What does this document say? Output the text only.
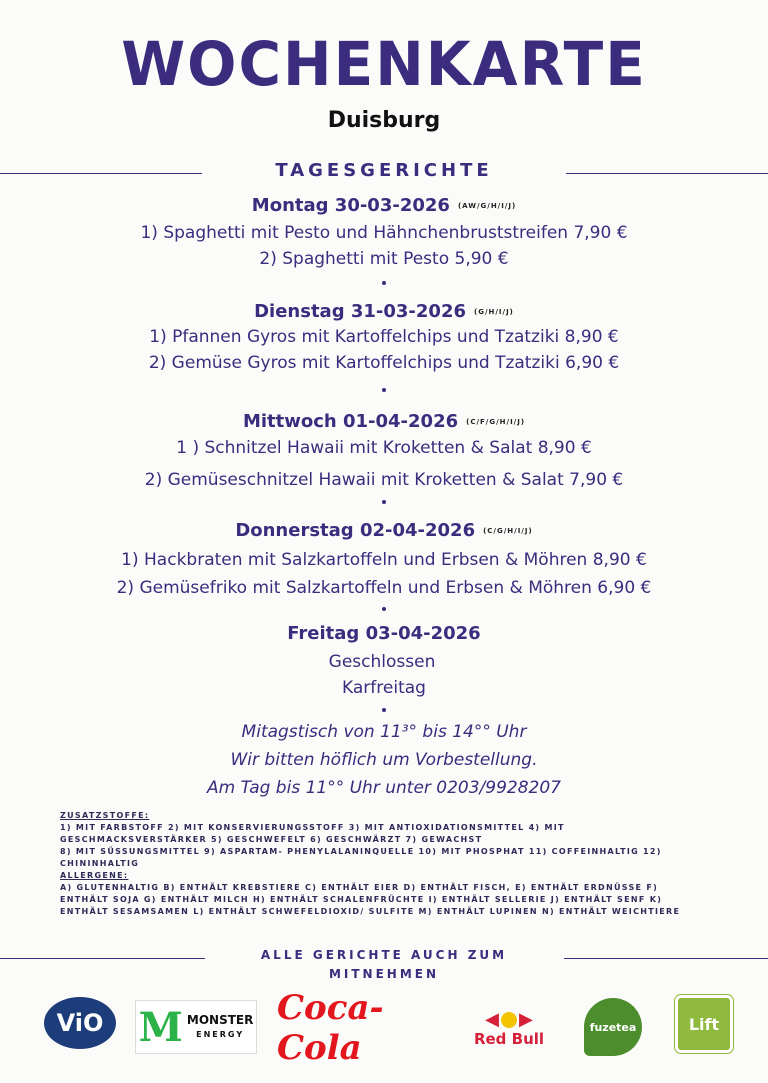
WOCHENKARTE
Duisburg
TAGESGERICHTE
Montag 30-03-2026 (AW/G/H/I/J)
1) Spaghetti mit Pesto und Hähnchenbruststreifen 7,90 €
2) Spaghetti mit Pesto 5,90 €
Dienstag 31-03-2026 (G/H/I/J)
1) Pfannen Gyros mit Kartoffelchips und Tzatziki 8,90 €
2) Gemüse Gyros mit Kartoffelchips und Tzatziki 6,90 €
Mittwoch 01-04-2026 (C/F/G/H/I/J)
1 ) Schnitzel Hawaii mit Kroketten & Salat 8,90 €
2) Gemüseschnitzel Hawaii mit Kroketten & Salat 7,90 €
Donnerstag 02-04-2026 (C/G/H/I/J)
1) Hackbraten mit Salzkartoffeln und Erbsen & Möhren 8,90 €
2) Gemüsefriko mit Salzkartoffeln und Erbsen & Möhren 6,90 €
Freitag 03-04-2026
Geschlossen
Karfreitag
Mitagstisch von 11³° bis 14°° Uhr
Wir bitten höflich um Vorbestellung.
Am Tag bis 11°° Uhr unter 0203/9928207
ZUSATZSTOFFE:
1) MIT FARBSTOFF 2) MIT KONSERVIERUNGSSTOFF 3) MIT ANTIOXIDATIONSMITTEL 4) MIT GESCHMACKSVERSTÄRKER 5) GESCHWEFELT 6) GESCHWÄRZT 7) GEWACHST
8) MIT SÜSSUNGSMITTEL 9) ASPARTAM- PHENYLALANINQUELLE 10) MIT PHOSPHAT 11) COFFEINHALTIG 12) CHININHALTIG
ALLERGENE:
A) GLUTENHALTIG B) ENTHÄLT KREBSTIERE C) ENTHÄLT EIER D) ENTHÄLT FISCH, E) ENTHÄLT ERDNÜSSE F) ENTHÄLT SOJA G) ENTHÄLT MILCH H) ENTHÄLT SCHALENFRÜCHTE I) ENTHÄLT SELLERIE J) ENTHÄLT SENF K) ENTHÄLT SESAMSAMEN L) ENTHÄLT SCHWEFELDIOXID/ SULFITE M) ENTHÄLT LUPINEN N) ENTHÄLT WEICHTIERE
ALLE GERICHTE AUCH ZUM
MITNEHMEN
ViO M MONSTER
ENERGY
Coca-Cola
◀ ▶
Red Bull
fuzetea	Lift
